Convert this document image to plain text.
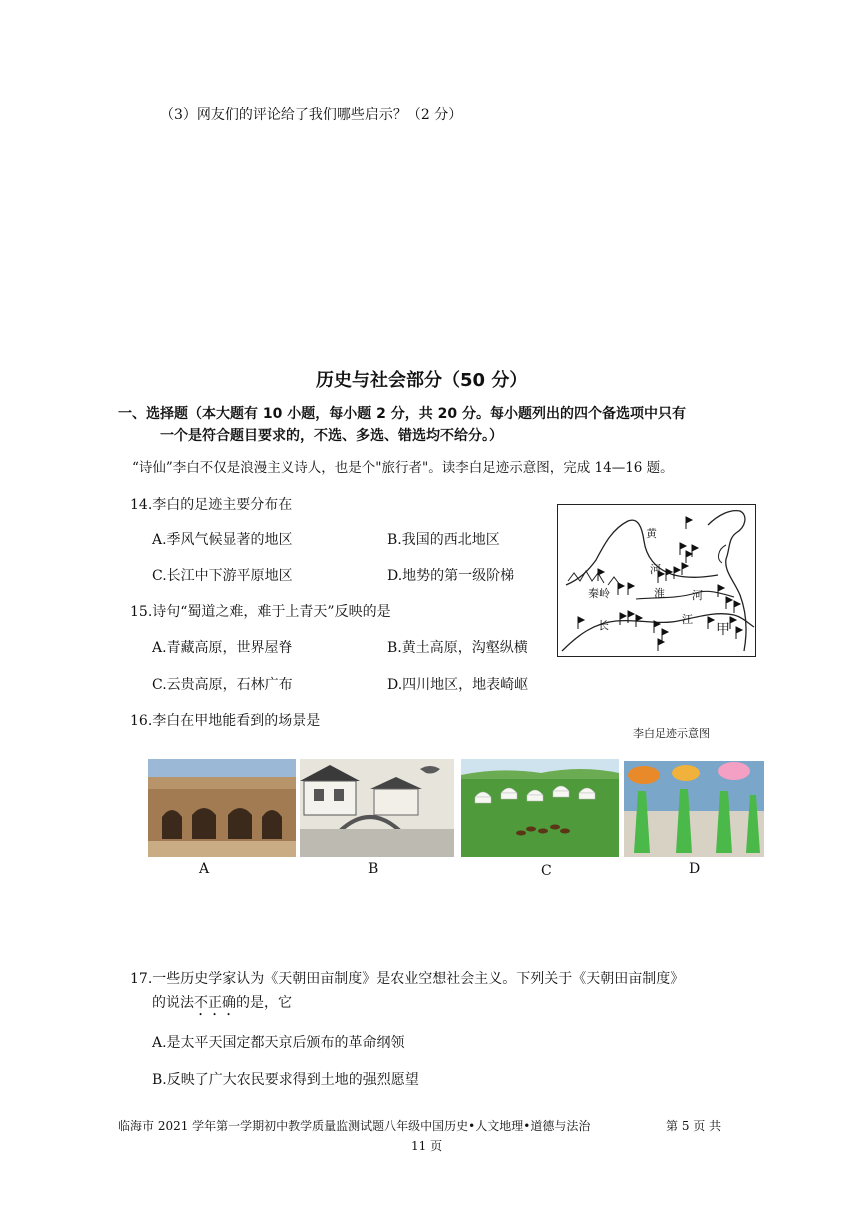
（3）网友们的评论给了我们哪些启示？（2 分）
历史与社会部分（50 分）
一、选择题（本大题有 10 小题，每小题 2 分，共 20 分。每小题列出的四个备选项中只有
一个是符合题目要求的，不选、多选、错选均不给分。）
“诗仙”李白不仅是浪漫主义诗人，也是个"旅行者"。读李白足迹示意图，完成 14—16 题。
14.李白的足迹主要分布在
A.季风气候显著的地区	B.我国的西北地区
C.长江中下游平原地区	D.地势的第一级阶梯
15.诗句“蜀道之难，难于上青天”反映的是
A.青藏高原，世界屋脊	B.黄土高原，沟壑纵横
C.云贵高原，石林广布	D.四川地区，地表崎岖
黄
河
秦岭	淮 河
长	江
甲
李白足迹示意图
16.李白在甲地能看到的场景是
A	B	C	D
17.一些历史学家认为《天朝田亩制度》是农业空想社会主义。下列关于《天朝田亩制度》
的说法不正确的是，它
A.是太平天国定都天京后颁布的革命纲领
B.反映了广大农民要求得到土地的强烈愿望
临海市 2021 学年第一学期初中教学质量监测试题八年级中国历史•人文地理•道德与法治	第 5 页 共
11 页
